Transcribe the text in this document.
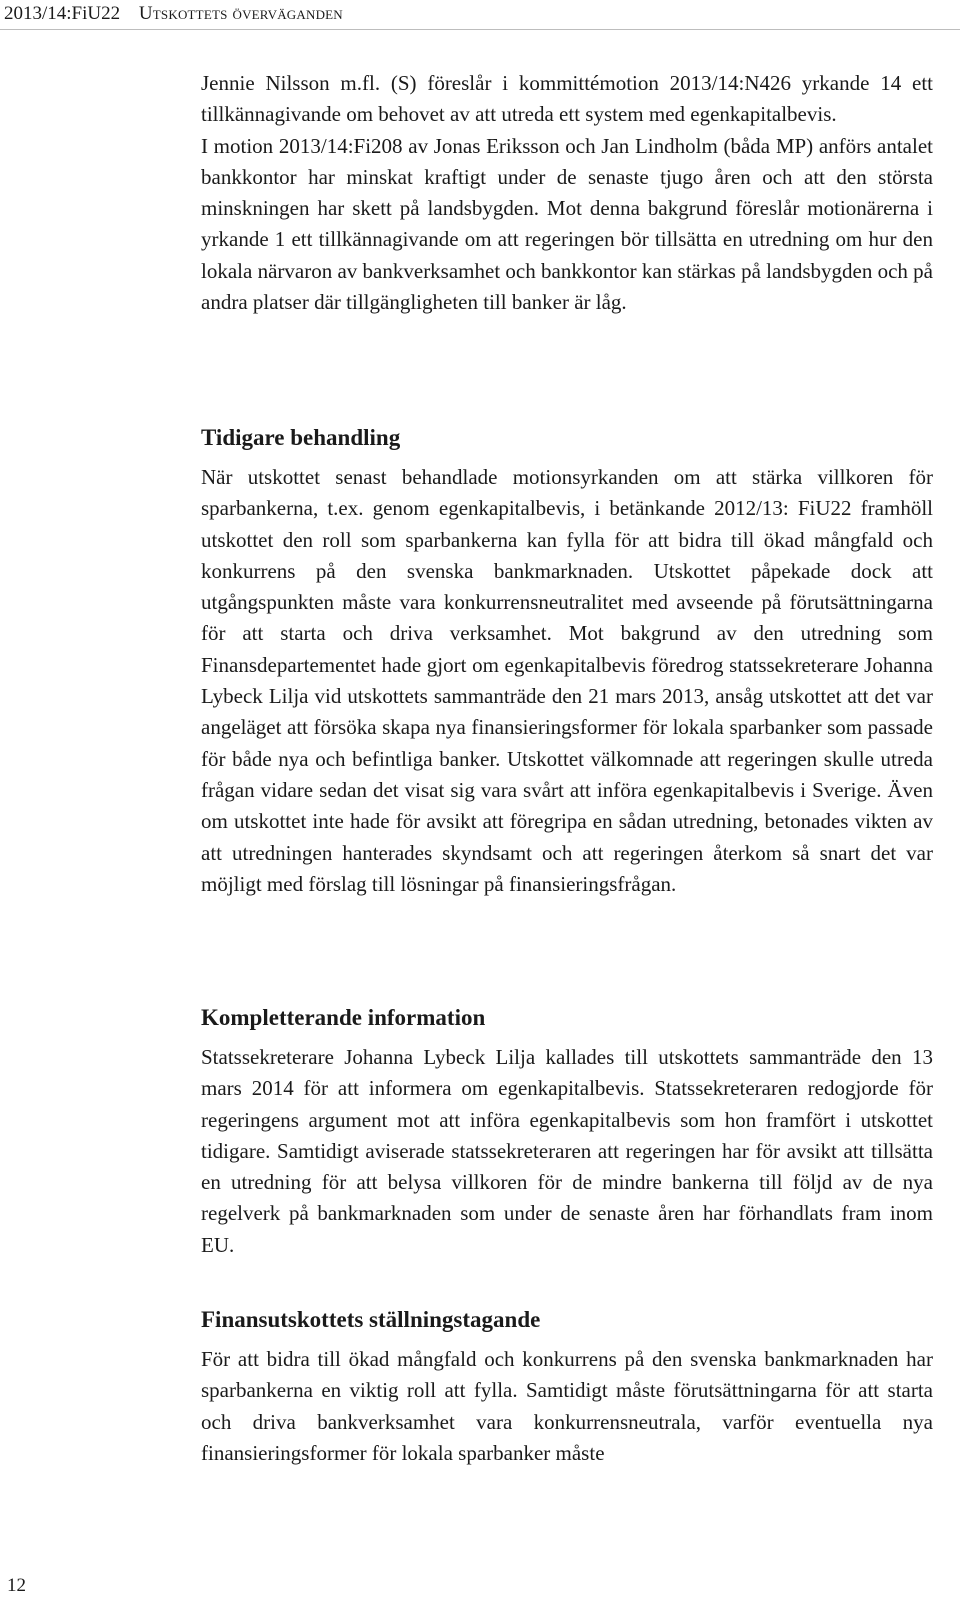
2013/14:FiU22 Utskottets överväganden

Jennie Nilsson m.fl. (S) föreslår i kommittémotion 2013/14:N426 yrkande 14 ett tillkännagivande om behovet av att utreda ett system med egenkapitalbevis.

I motion 2013/14:Fi208 av Jonas Eriksson och Jan Lindholm (båda MP) anförs antalet bankkontor har minskat kraftigt under de senaste tjugo åren och att den största minskningen har skett på landsbygden. Mot denna bakgrund föreslår motionärerna i yrkande 1 ett tillkännagivande om att regeringen bör tillsätta en utredning om hur den lokala närvaron av bankverksamhet och bankkontor kan stärkas på landsbygden och på andra platser där tillgängligheten till banker är låg.

Tidigare behandling

När utskottet senast behandlade motionsyrkanden om att stärka villkoren för sparbankerna, t.ex. genom egenkapitalbevis, i betänkande 2012/13: FiU22 framhöll utskottet den roll som sparbankerna kan fylla för att bidra till ökad mångfald och konkurrens på den svenska bankmarknaden. Utskottet påpekade dock att utgångspunkten måste vara konkurrensneutralitet med avseende på förutsättningarna för att starta och driva verksamhet. Mot bakgrund av den utredning som Finansdepartementet hade gjort om egenkapitalbevis föredrog statssekreterare Johanna Lybeck Lilja vid utskottets sammanträde den 21 mars 2013, ansåg utskottet att det var angeläget att försöka skapa nya finansieringsformer för lokala sparbanker som passade för både nya och befintliga banker. Utskottet välkomnade att regeringen skulle utreda frågan vidare sedan det visat sig vara svårt att införa egenkapitalbevis i Sverige. Även om utskottet inte hade för avsikt att föregripa en sådan utredning, betonades vikten av att utredningen hanterades skyndsamt och att regeringen återkom så snart det var möjligt med förslag till lösningar på finansieringsfrågan.

Kompletterande information

Statssekreterare Johanna Lybeck Lilja kallades till utskottets sammanträde den 13 mars 2014 för att informera om egenkapitalbevis. Statssekreteraren redogjorde för regeringens argument mot att införa egenkapitalbevis som hon framfört i utskottet tidigare. Samtidigt aviserade statssekreteraren att regeringen har för avsikt att tillsätta en utredning för att belysa villkoren för de mindre bankerna till följd av de nya regelverk på bankmarknaden som under de senaste åren har förhandlats fram inom EU.

Finansutskottets ställningstagande

För att bidra till ökad mångfald och konkurrens på den svenska bankmarknaden har sparbankerna en viktig roll att fylla. Samtidigt måste förutsättningarna för att starta och driva bankverksamhet vara konkurrensneutrala, varför eventuella nya finansieringsformer för lokala sparbanker måste

12
